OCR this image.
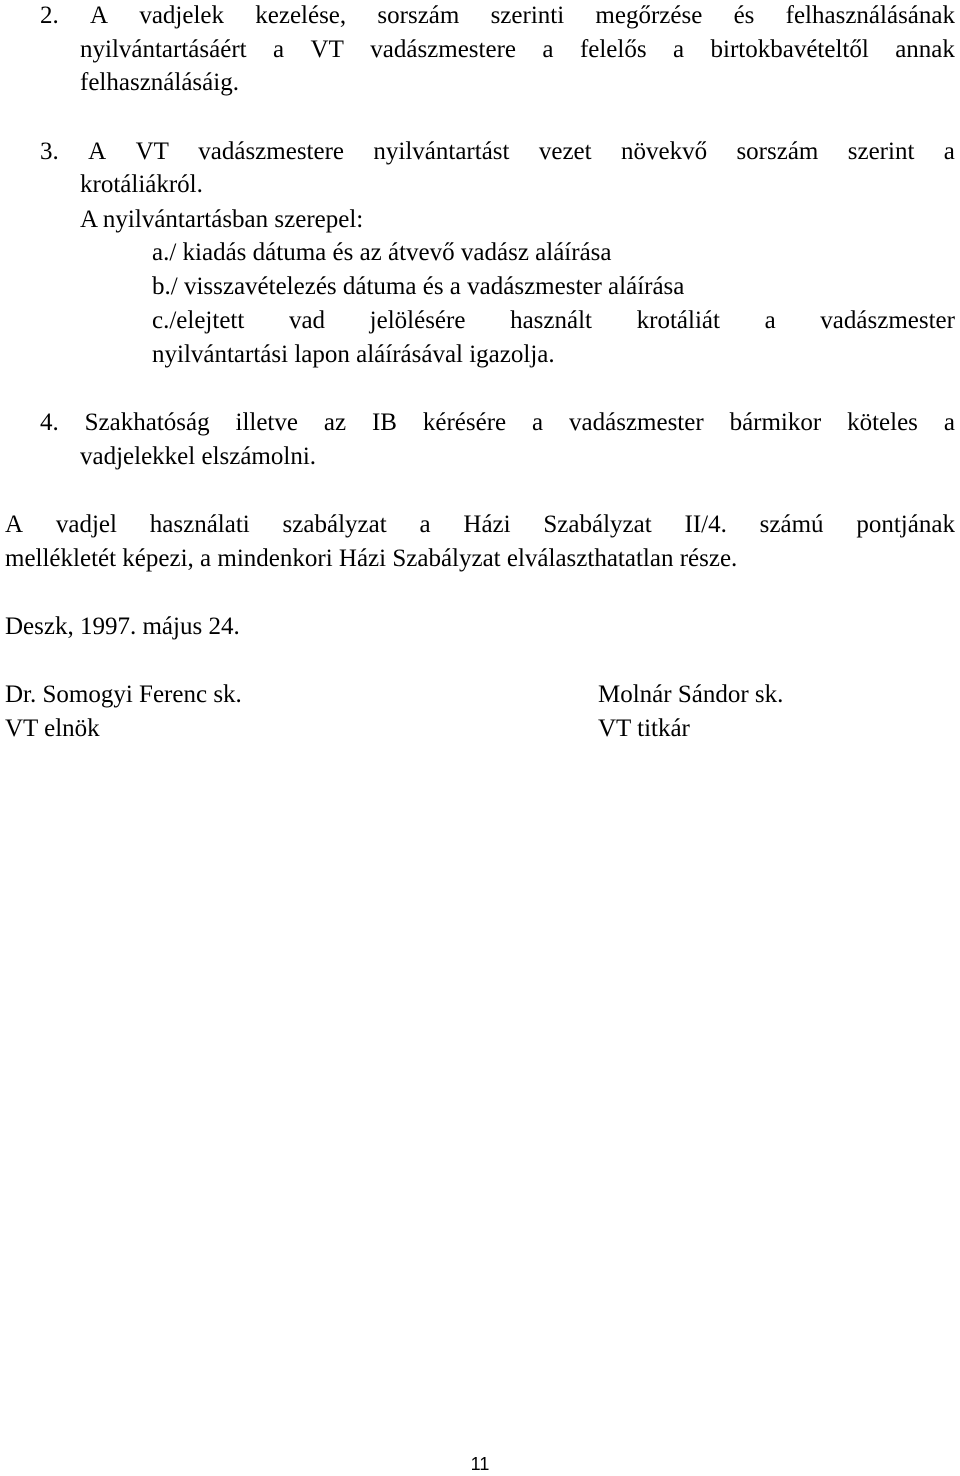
2. A vadjelek kezelése, sorszám szerinti megőrzése és felhasználásának
nyilvántartásáért a VT vadászmestere a felelős a birtokbavételtől annak
felhasználásáig.
3. A VT vadászmestere nyilvántartást vezet növekvő sorszám szerint a
krotáliákról.
A nyilvántartásban szerepel:
a./ kiadás dátuma és az átvevő vadász aláírása
b./ visszavételezés dátuma és a vadászmester aláírása
c./elejtett vad jelölésére használt krotáliát a vadászmester
nyilvántartási lapon aláírásával igazolja.
4. Szakhatóság illetve az IB kérésére a vadászmester bármikor köteles a
vadjelekkel elszámolni.
A vadjel használati szabályzat a Házi Szabályzat II/4. számú pontjának
mellékletét képezi, a mindenkori Házi Szabályzat elválaszthatatlan része.
Deszk, 1997. május 24.
Dr. Somogyi Ferenc sk.
VT elnök
Molnár Sándor sk.
VT titkár
11
